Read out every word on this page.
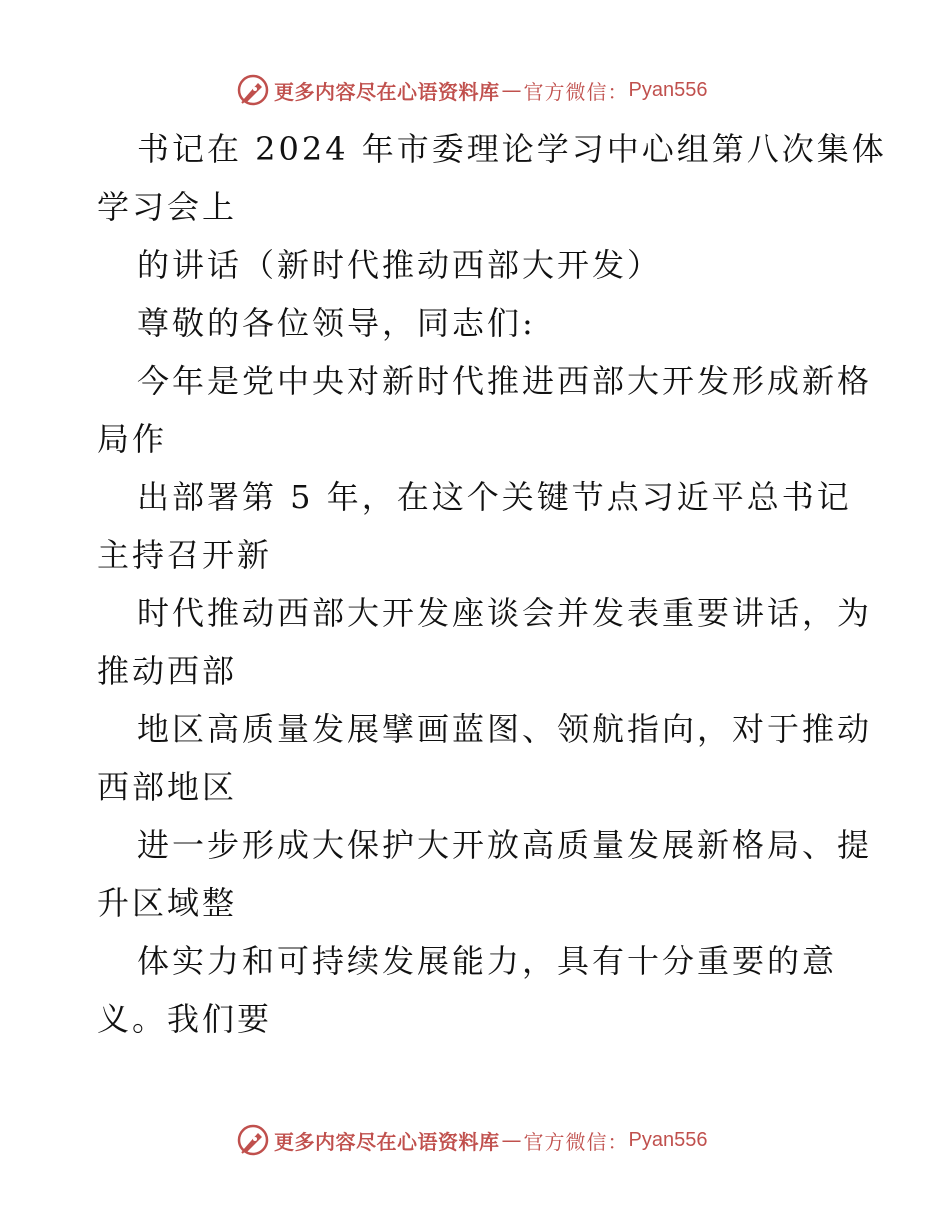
更多内容尽在心语资料库 — 官方微信： Pyan556
书记在 2024 年市委理论学习中心组第八次集体
学习会上
的讲话（新时代推动西部大开发）
尊敬的各位领导，同志们:
今年是党中央对新时代推进西部大开发形成新格
局作
出部署第 5 年，在这个关键节点习近平总书记
主持召开新
时代推动西部大开发座谈会并发表重要讲话，为
推动西部
地区高质量发展擘画蓝图、领航指向，对于推动
西部地区
进一步形成大保护大开放高质量发展新格局、提
升区域整
体实力和可持续发展能力，具有十分重要的意
义。我们要
更多内容尽在心语资料库 — 官方微信： Pyan556
